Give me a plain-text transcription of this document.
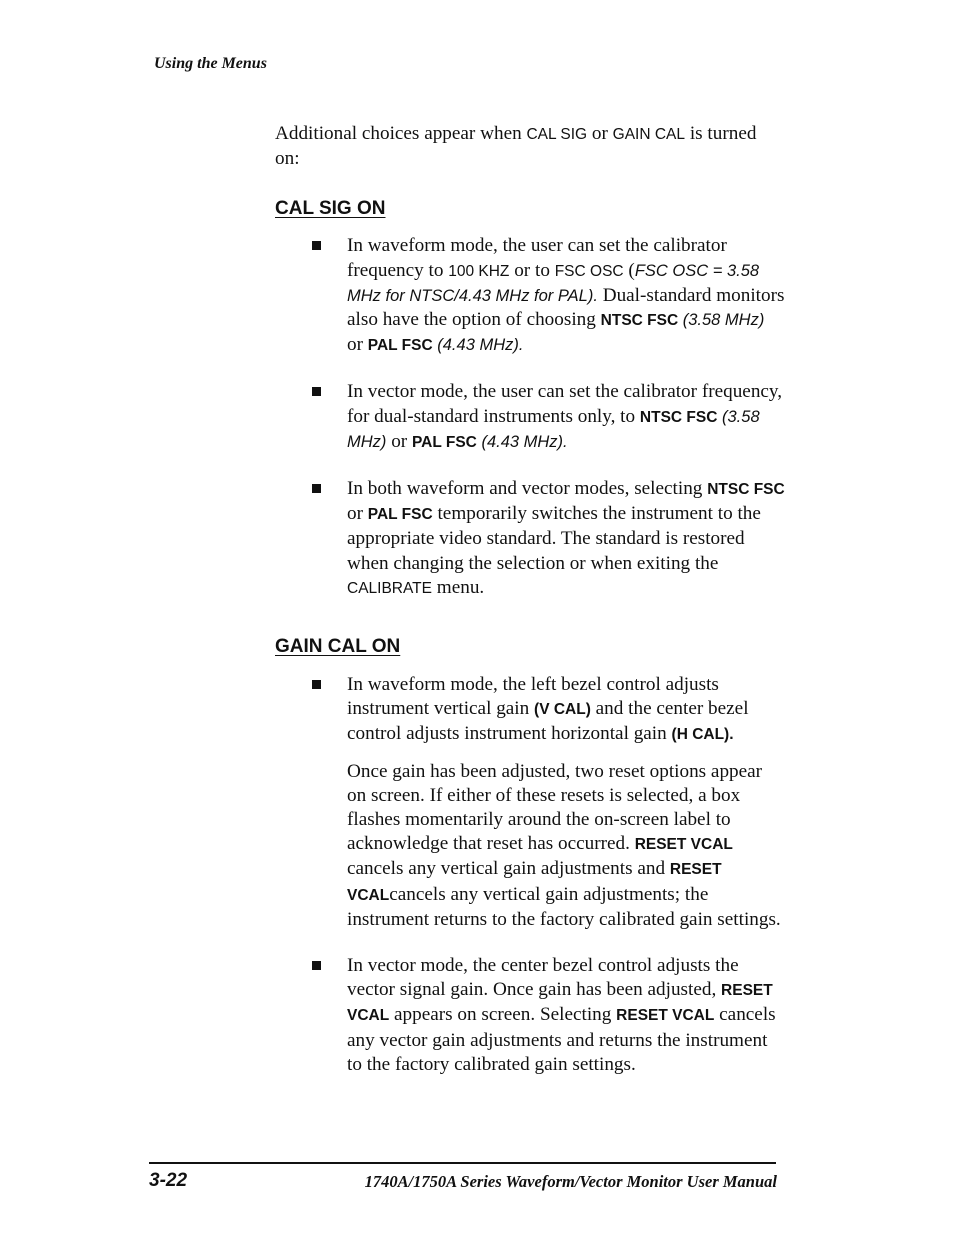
Using the Menus

Additional choices appear when CAL SIG or GAIN CAL is turned on:

CAL SIG ON

In waveform mode, the user can set the calibrator frequency to 100 KHZ or to FSC OSC (FSC OSC = 3.58 MHz for NTSC/4.43 MHz for PAL). Dual-standard monitors also have the option of choosing NTSC FSC (3.58 MHz) or PAL FSC (4.43 MHz).

In vector mode, the user can set the calibrator frequency, for dual-standard instruments only, to NTSC FSC (3.58 MHz) or PAL FSC (4.43 MHz).

In both waveform and vector modes, selecting NTSC FSC or PAL FSC temporarily switches the instrument to the appropriate video standard. The standard is restored when changing the selection or when exiting the CALIBRATE menu.

GAIN CAL ON

In waveform mode, the left bezel control adjusts instrument vertical gain (V CAL) and the center bezel control adjusts instrument horizontal gain (H CAL).

Once gain has been adjusted, two reset options appear on screen. If either of these resets is selected, a box flashes momentarily around the on-screen label to acknowledge that reset has occurred. RESET VCAL cancels any vertical gain adjustments and RESET VCALcancels any vertical gain adjustments; the instrument returns to the factory calibrated gain settings.

In vector mode, the center bezel control adjusts the vector signal gain. Once gain has been adjusted, RESET VCAL appears on screen. Selecting RESET VCAL cancels any vector gain adjustments and returns the instrument to the factory calibrated gain settings.

3-22	1740A/1750A Series Waveform/Vector Monitor User Manual
